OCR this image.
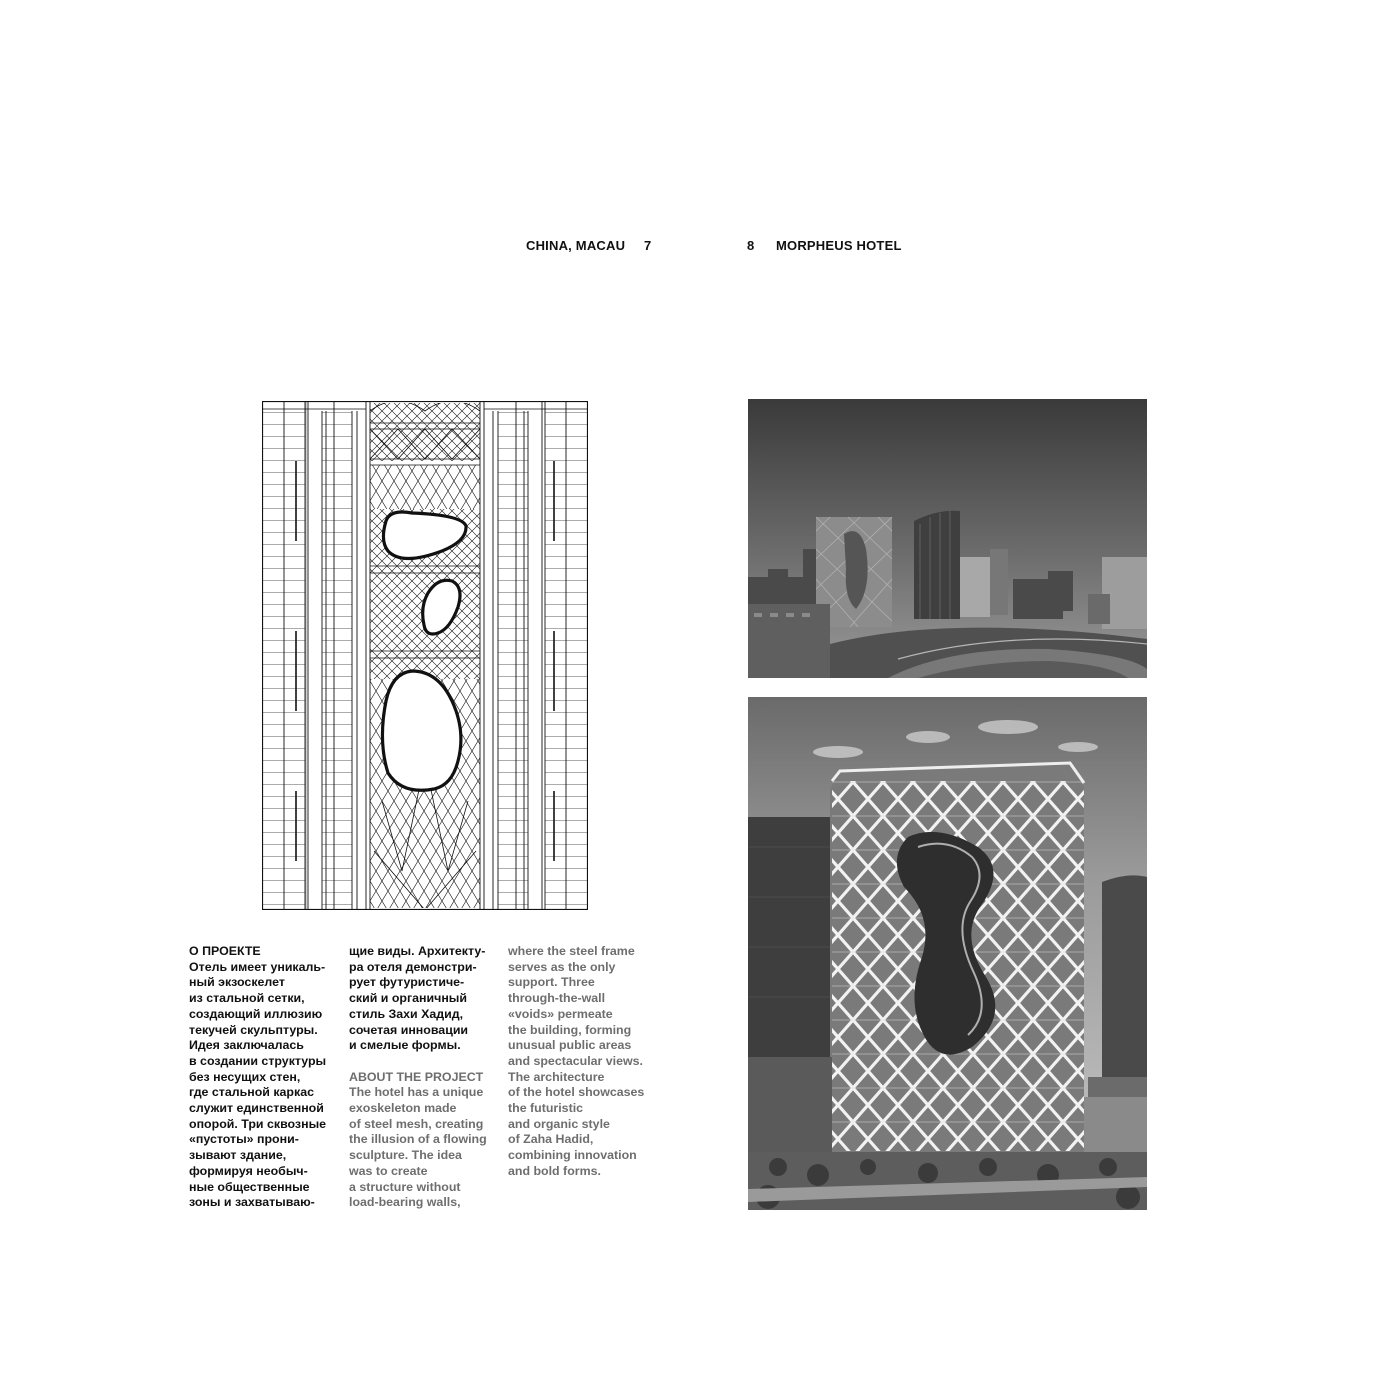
CHINA, MACAU 7	8 MORPHEUS HOTEL

О ПРОЕКТЕ

Отель имеет уникаль-
ный экзоскелет
из стальной сетки,
создающий иллюзию
текучей скульптуры.
Идея заключалась
в создании структуры
без несущих стен,
где стальной каркас
служит единственной
опорой. Три сквозные
«пустоты» прони-
зывают здание,
формируя необыч-
ные общественные
зоны и захватываю-

щие виды. Архитекту-
ра отеля демонстри-
рует футуристиче-
ский и органичный
стиль Захи Хадид,
сочетая инновации
и смелые формы.

ABOUT THE PROJECT

The hotel has a unique
exoskeleton made
of steel mesh, creating
the illusion of a flowing
sculpture. The idea
was to create
a structure without
load-bearing walls,

where the steel frame
serves as the only
support. Three
through-the-wall
«voids» permeate
the building, forming
unusual public areas
and spectacular views.
The architecture
of the hotel showcases
the futuristic
and organic style
of Zaha Hadid,
combining innovation
and bold forms.
